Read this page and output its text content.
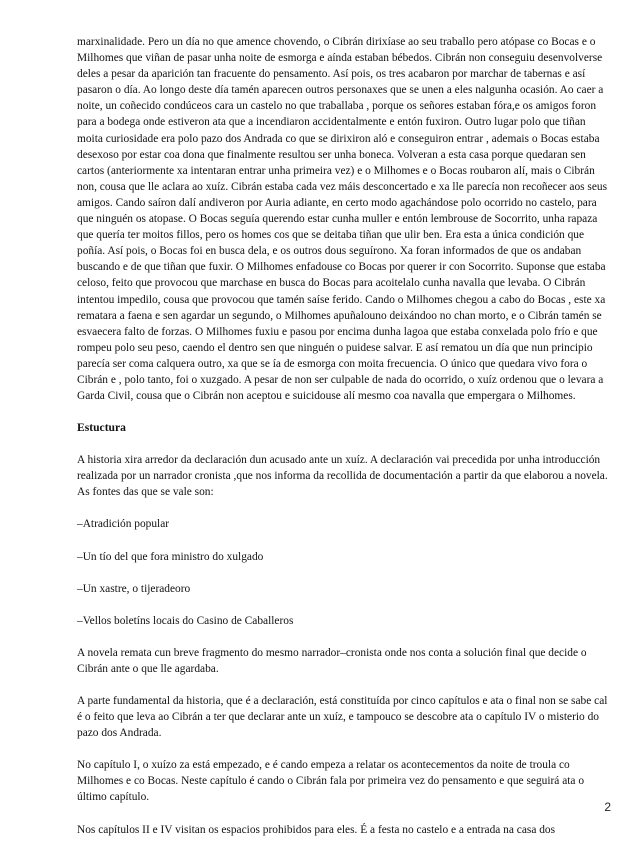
marxinalidade. Pero un día no que amence chovendo, o Cibrán dirixíase ao seu traballo pero atópase co Bocas e o Milhomes que viñan de pasar unha noite de esmorga e aínda estaban bébedos. Cibrán non conseguiu desenvolverse deles a pesar da aparición tan fracuente do pensamento. Así pois, os tres acabaron por marchar de tabernas e así pasaron o día. Ao longo deste día tamén aparecen outros personaxes que se unen a eles nalgunha ocasión. Ao caer a noite, un coñecido condúceos cara un castelo no que traballaba , porque os señores estaban fóra,e os amigos foron para a bodega onde estiveron ata que a incendiaron accidentalmente e entón fuxiron. Outro lugar polo que tiñan moita curiosidade era polo pazo dos Andrada co que se dirixiron aló e conseguiron entrar , ademais o Bocas estaba desexoso por estar coa dona que finalmente resultou ser unha boneca. Volveran a esta casa porque quedaran sen cartos (anteriormente xa intentaran entrar unha primeira vez) e o Milhomes e o Bocas roubaron alí, mais o Cibrán non, cousa que lle aclara ao xuíz. Cibrán estaba cada vez máis desconcertado e xa lle parecía non recoñecer aos seus amigos. Cando saíron dalí andiveron por Auria adiante, en certo modo agachándose polo ocorrido no castelo, para que ninguén os atopase. O Bocas seguía querendo estar cunha muller e entón lembrouse de Socorrito, unha rapaza que quería ter moitos fillos, pero os homes cos que se deitaba tiñan que ulir ben. Era esta a única condición que poñía. Así pois, o Bocas foi en busca dela, e os outros dous seguírono. Xa foran informados de que os andaban buscando e de que tiñan que fuxir. O Milhomes enfadouse co Bocas por querer ir con Socorrito. Suponse que estaba celoso, feito que provocou que marchase en busca do Bocas para acoitelalo cunha navalla que levaba. O Cibrán intentou impedilo, cousa que provocou que tamén saíse ferido. Cando o Milhomes chegou a cabo do Bocas , este xa rematara a faena e sen agardar un segundo, o Milhomes apuñalouno deixándoo no chan morto, e o Cibrán tamén se esvaecera falto de forzas. O Milhomes fuxiu e pasou por encima dunha lagoa que estaba conxelada polo frío e que rompeu polo seu peso, caendo el dentro sen que ninguén o puidese salvar. E así rematou un día que nun principio parecía ser coma calquera outro, xa que se ía de esmorga con moita frecuencia. O único que quedara vivo fora o Cibrán e , polo tanto, foi o xuzgado. A pesar de non ser culpable de nada do ocorrido, o xuíz ordenou que o levara a Garda Civil, cousa que o Cibrán non aceptou e suicidouse alí mesmo coa navalla que empergara o Milhomes.

Estuctura

A historia xira arredor da declaración dun acusado ante un xuíz. A declaración vai precedida por unha introducción realizada por un narrador cronista ,que nos informa da recollida de documentación a partir da que elaborou a novela. As fontes das que se vale son:

–Atradición popular

–Un tío del que fora ministro do xulgado

–Un xastre, o tijeradeoro

–Vellos boletíns locais do Casino de Caballeros

A novela remata cun breve fragmento do mesmo narrador–cronista onde nos conta a solución final que decide o Cibrán ante o que lle agardaba.

A parte fundamental da historia, que é a declaración, está constituída por cinco capítulos e ata o final non se sabe cal é o feito que leva ao Cibrán a ter que declarar ante un xuíz, e tampouco se descobre ata o capítulo IV o misterio do pazo dos Andrada.

No capítulo I, o xuízo za está empezado, e é cando empeza a relatar os acontecementos da noite de troula co Milhomes e co Bocas. Neste capítulo é cando o Cibrán fala por primeira vez do pensamento e que seguirá ata o último capítulo.

Nos capítulos II e IV visitan os espacios prohibidos para eles. É a festa no castelo e a entrada na casa dos

2
